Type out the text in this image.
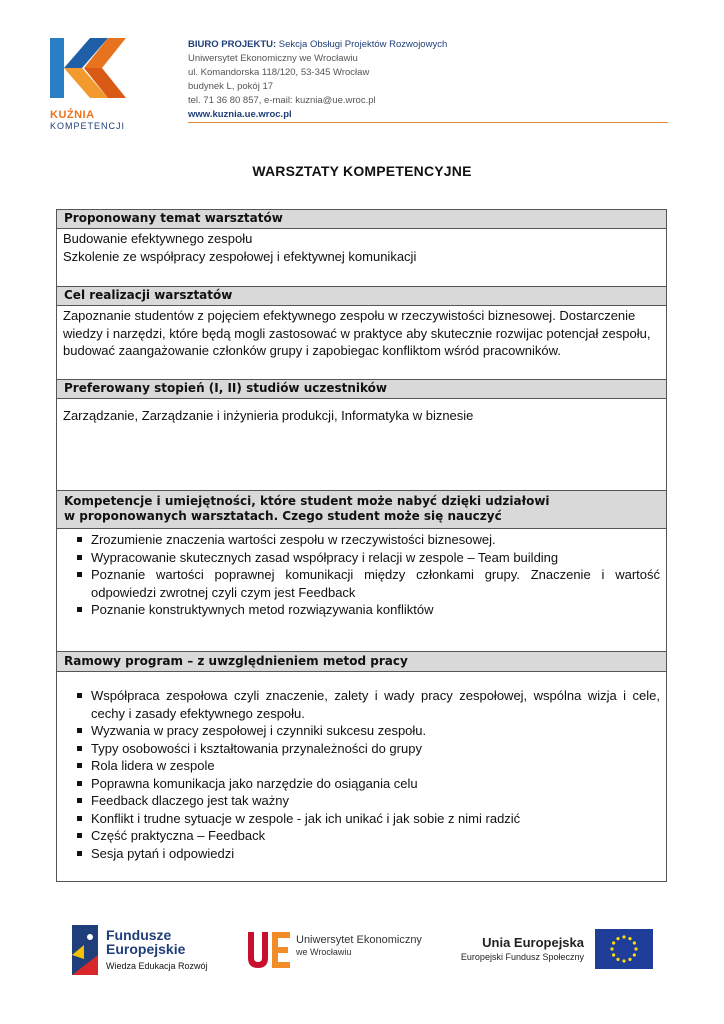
KUŹNIA
KOMPETENCJI
BIURO PROJEKTU: Sekcja Obsługi Projektów Rozwojowych
Uniwersytet Ekonomiczny we Wrocławiu
ul. Komandorska 118/120, 53-345 Wrocław
budynek L, pokój 17
tel. 71 36 80 857, e-mail: kuznia@ue.wroc.pl
www.kuznia.ue.wroc.pl
WARSZTATY KOMPETENCYJNE
Proponowany temat warsztatów
Budowanie efektywnego zespołu
Szkolenie ze współpracy zespołowej i efektywnej komunikacji
Cel realizacji warsztatów
Zapoznanie studentów z pojęciem efektywnego zespołu w rzeczywistości biznesowej. Dostarczenie wiedzy i narzędzi, które będą mogli zastosować w praktyce aby skutecznie rozwijac potencjał zespołu, budować zaangażowanie członków grupy i zapobiegac konfliktom wśród pracowników.
Preferowany stopień (I, II) studiów uczestników
Zarządzanie, Zarządzanie i inżynieria produkcji, Informatyka w biznesie
Kompetencje i umiejętności, które student może nabyć dzięki udziałowi
w proponowanych warsztatach. Czego student może się nauczyć
Zrozumienie znaczenia wartości zespołu w rzeczywistości biznesowej.
Wypracowanie skutecznych zasad współpracy i relacji w zespole – Team building
Poznanie wartości poprawnej komunikacji między członkami grupy. Znaczenie i wartość odpowiedzi zwrotnej czyli czym jest Feedback
Poznanie konstruktywnych metod rozwiązywania konfliktów
Ramowy program – z uwzględnieniem metod pracy
Współpraca zespołowa czyli znaczenie, zalety i wady pracy zespołowej, wspólna wizja i cele, cechy i zasady efektywnego zespołu.
Wyzwania w pracy zespołowej i czynniki sukcesu zespołu.
Typy osobowości i kształtowania przynależności do grupy
Rola lidera w zespole
Poprawna komunikacja jako narzędzie do osiągania celu
Feedback dlaczego jest tak ważny
Konflikt i trudne sytuacje w zespole - jak ich unikać i jak sobie z nimi radzić
Część praktyczna – Feedback
Sesja pytań i odpowiedzi
Fundusze
Europejskie
Wiedza Edukacja Rozwój
Uniwersytet Ekonomiczny
we Wrocławiu
Unia Europejska
Europejski Fundusz Społeczny
